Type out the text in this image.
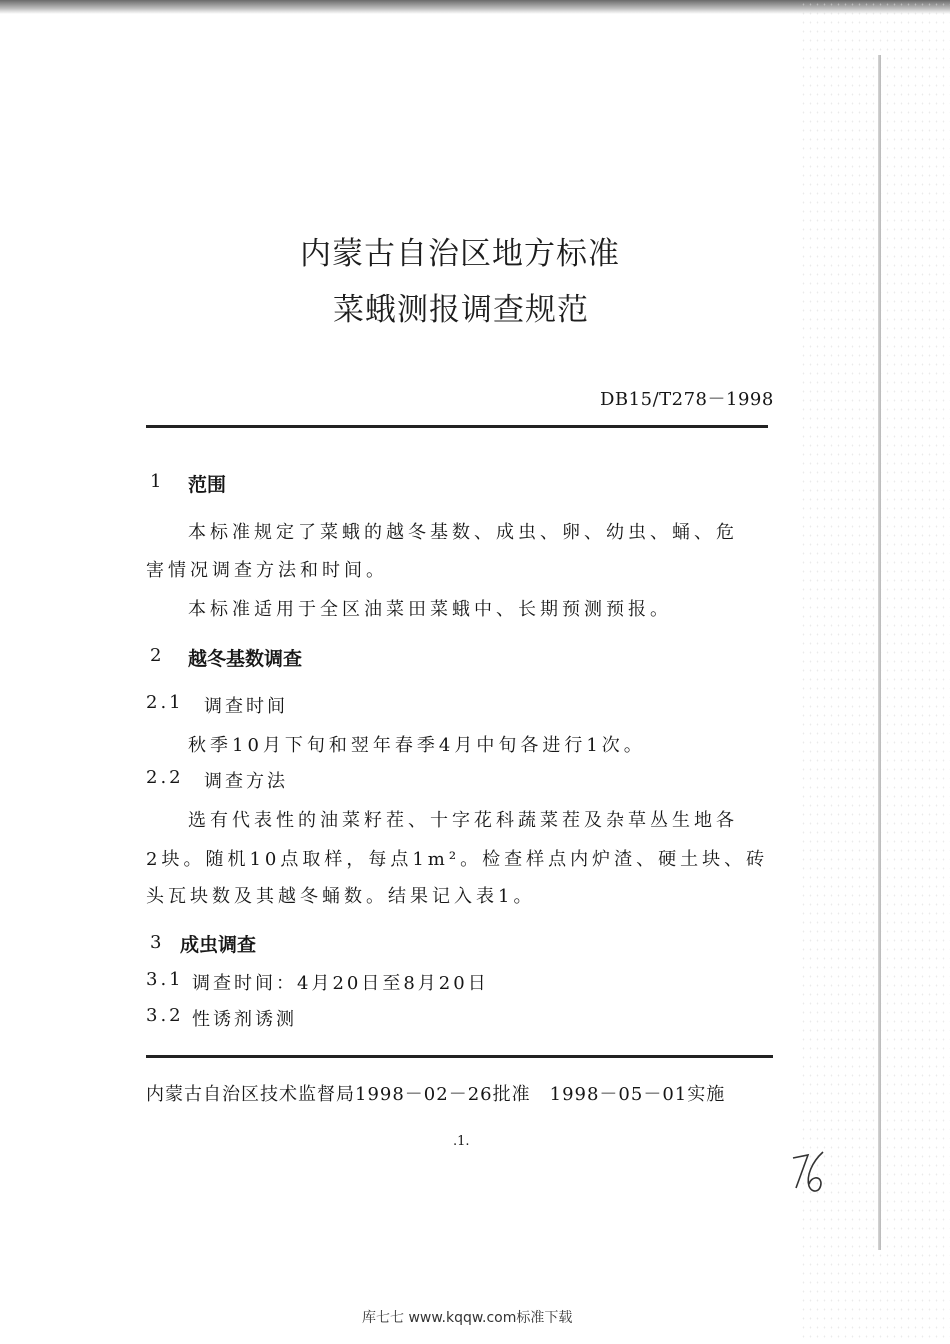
内蒙古自治区地方标准
菜蛾测报调查规范
DB15/T278－1998
1 范围
本标准规定了菜蛾的越冬基数、成虫、卵、幼虫、蛹、危
害情况调查方法和时间。
本标准适用于全区油菜田菜蛾中、长期预测预报。
2 越冬基数调查
2.1 调查时间
秋季10月下旬和翌年春季4月中旬各进行1次。
2.2 调查方法
选有代表性的油菜籽茬、十字花科蔬菜茬及杂草丛生地各
2块。随机10点取样，每点1m²。检查样点内炉渣、硬土块、砖
头瓦块数及其越冬蛹数。结果记入表1。
3 成虫调查
3.1 调查时间：4月20日至8月20日
3.2 性诱剂诱测
内蒙古自治区技术监督局1998－02－26批准　1998－05－01实施
.1.
库七七 www.kqqw.com标准下载
